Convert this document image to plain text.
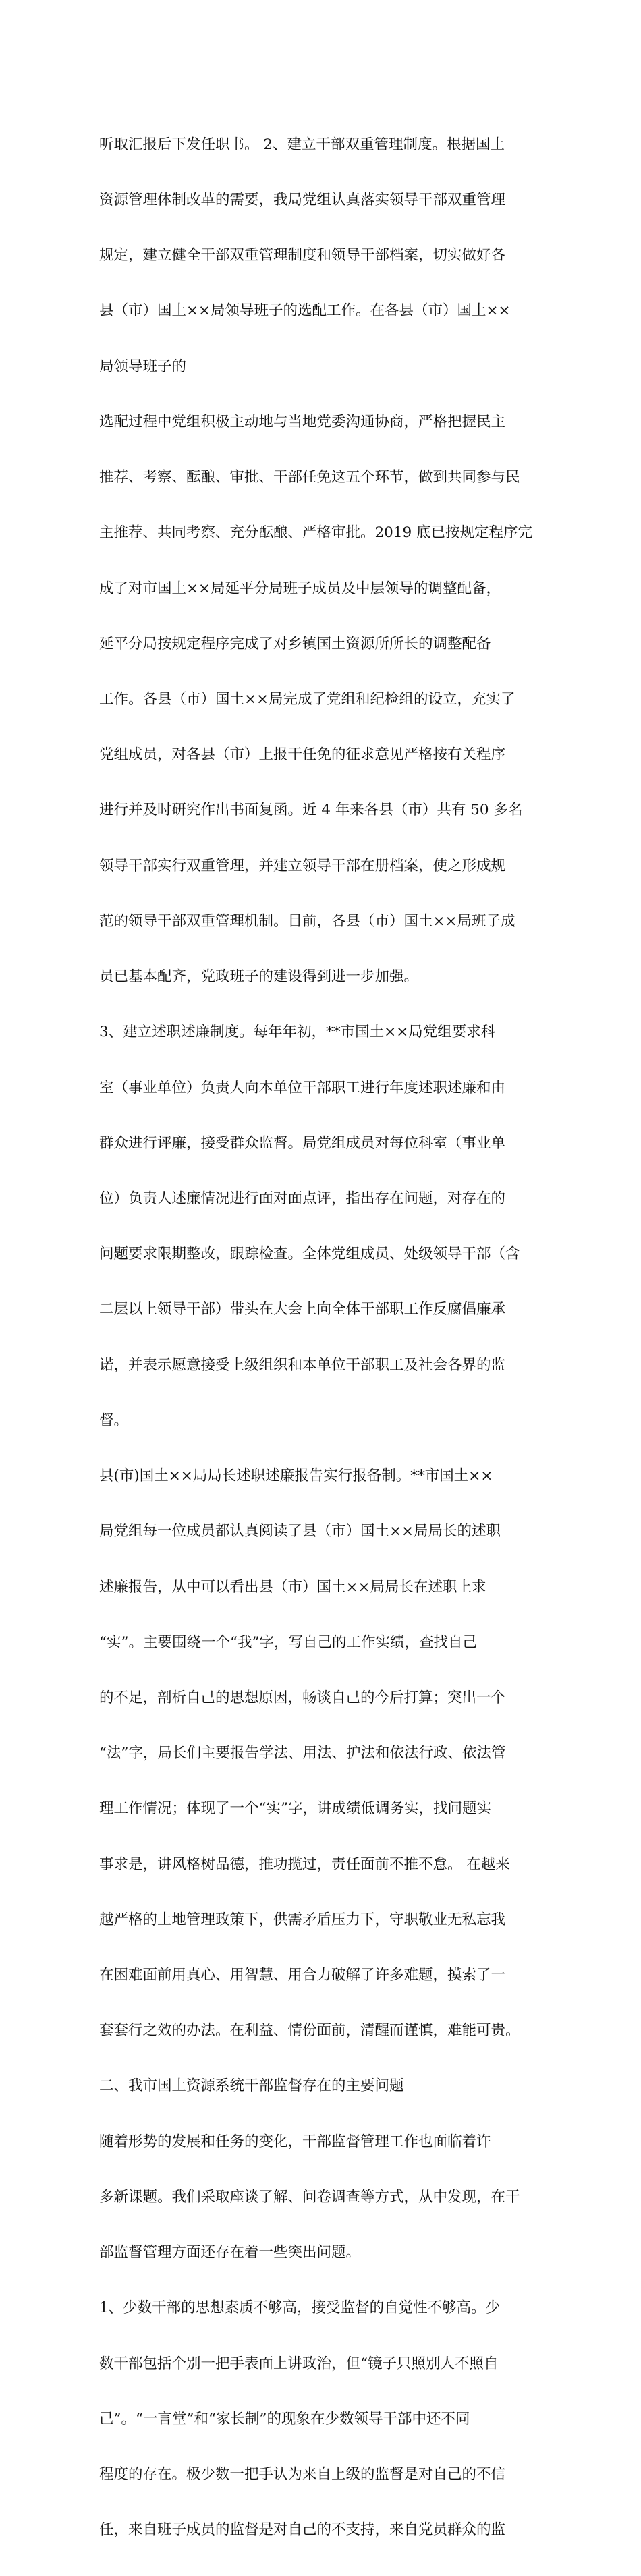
听取汇报后下发任职书。 2、建立干部双重管理制度。根据国土

资源管理体制改革的需要，我局党组认真落实领导干部双重管理

规定，建立健全干部双重管理制度和领导干部档案，切实做好各

县（市）国土××局领导班子的选配工作。在各县（市）国土××

局领导班子的

选配过程中党组积极主动地与当地党委沟通协商，严格把握民主

推荐、考察、酝酿、审批、干部任免这五个环节，做到共同参与民

主推荐、共同考察、充分酝酿、严格审批。2019 底已按规定程序完

成了对市国土××局延平分局班子成员及中层领导的调整配备，

延平分局按规定程序完成了对乡镇国土资源所所长的调整配备

工作。各县（市）国土××局完成了党组和纪检组的设立，充实了

党组成员，对各县（市）上报干任免的征求意见严格按有关程序

进行并及时研究作出书面复函。近 4 年来各县（市）共有 50 多名

领导干部实行双重管理，并建立领导干部在册档案，使之形成规

范的领导干部双重管理机制。目前，各县（市）国土××局班子成

员已基本配齐，党政班子的建设得到进一步加强。

3、建立述职述廉制度。每年年初，**市国土××局党组要求科

室（事业单位）负责人向本单位干部职工进行年度述职述廉和由

群众进行评廉，接受群众监督。局党组成员对每位科室（事业单

位）负责人述廉情况进行面对面点评，指出存在问题，对存在的

问题要求限期整改，跟踪检查。全体党组成员、处级领导干部（含

二层以上领导干部）带头在大会上向全体干部职工作反腐倡廉承

诺，并表示愿意接受上级组织和本单位干部职工及社会各界的监

督。

县(市)国土××局局长述职述廉报告实行报备制。**市国土××

局党组每一位成员都认真阅读了县（市）国土××局局长的述职

述廉报告，从中可以看出县（市）国土××局局长在述职上求

“实”。主要围绕一个“我”字，写自己的工作实绩，查找自己

的不足，剖析自己的思想原因，畅谈自己的今后打算；突出一个

“法”字，局长们主要报告学法、用法、护法和依法行政、依法管

理工作情况；体现了一个“实”字，讲成绩低调务实，找问题实

事求是，讲风格树品德，推功揽过，责任面前不推不怠。 在越来

越严格的土地管理政策下，供需矛盾压力下，守职敬业无私忘我

在困难面前用真心、用智慧、用合力破解了许多难题，摸索了一

套套行之效的办法。在利益、情份面前，清醒而谨慎，难能可贵。

二、我市国土资源系统干部监督存在的主要问题

随着形势的发展和任务的变化，干部监督管理工作也面临着许

多新课题。我们采取座谈了解、问卷调查等方式，从中发现，在干

部监督管理方面还存在着一些突出问题。

1、少数干部的思想素质不够高，接受监督的自觉性不够高。少

数干部包括个别一把手表面上讲政治，但“镜子只照别人不照自

己”。“一言堂”和“家长制”的现象在少数领导干部中还不同

程度的存在。极少数一把手认为来自上级的监督是对自己的不信

任，来自班子成员的监督是对自己的不支持，来自党员群众的监
